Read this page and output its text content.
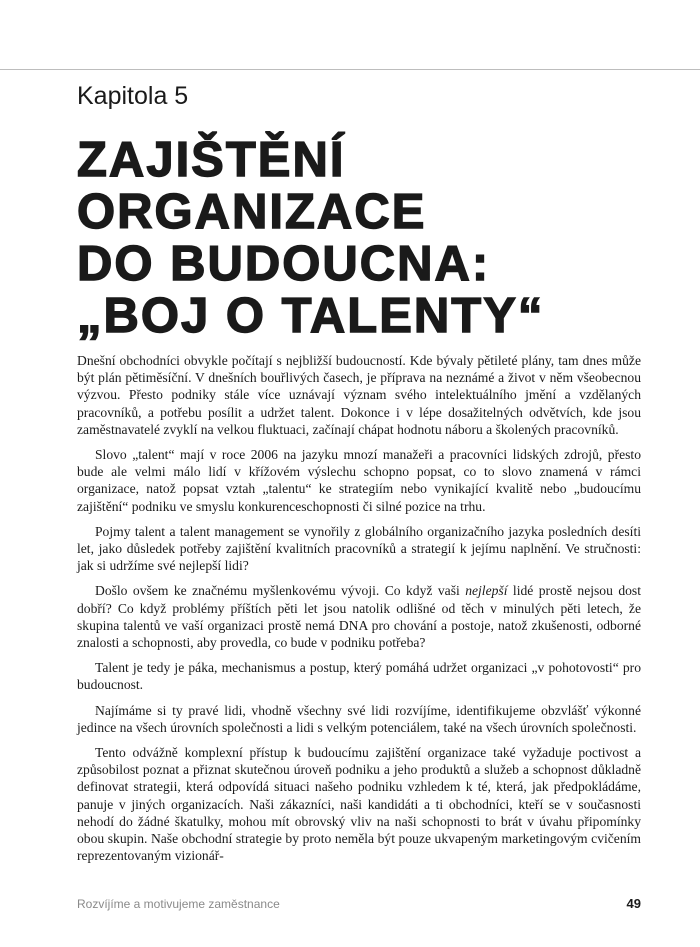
Kapitola 5
ZAJIŠTĚNÍ
ORGANIZACE
DO BUDOUCNA:
„BOJ O TALENTY“

Dnešní obchodníci obvykle počítají s nejbližší budoucností. Kde bývaly pětileté plány, tam dnes může být plán pětiměsíční. V dnešních bouřlivých časech, je příprava na neznámé a život v něm všeobecnou výzvou. Přesto podniky stále více uznávají význam svého intelektuálního jmění a vzdělaných pracovníků, a potřebu posílit a udržet talent. Dokonce i v lépe dosažitelných odvětvích, kde jsou zaměstnavatelé zvyklí na velkou fluktuaci, začínají chápat hodnotu náboru a školených pracovníků.

Slovo „talent“ mají v roce 2006 na jazyku mnozí manažeři a pracovníci lidských zdrojů, přesto bude ale velmi málo lidí v křížovém výslechu schopno popsat, co to slovo znamená v rámci organizace, natož popsat vztah „talentu“ ke strategiím nebo vynikající kvalitě nebo „budoucímu zajištění“ podniku ve smyslu konkurenceschopnosti či silné pozice na trhu.

Pojmy talent a talent management se vynořily z globálního organizačního jazyka posledních desíti let, jako důsledek potřeby zajištění kvalitních pracovníků a strategií k jejímu naplnění. Ve stručnosti: jak si udržíme své nejlepší lidi?

Došlo ovšem ke značnému myšlenkovému vývoji. Co když vaši nejlepší lidé prostě nejsou dost dobří? Co když problémy příštích pěti let jsou natolik odlišné od těch v minulých pěti letech, že skupina talentů ve vaší organizaci prostě nemá DNA pro chování a postoje, natož zkušenosti, odborné znalosti a schopnosti, aby provedla, co bude v podniku potřeba?

Talent je tedy je páka, mechanismus a postup, který pomáhá udržet organizaci „v pohotovosti“ pro budoucnost.

Najímáme si ty pravé lidi, vhodně všechny své lidi rozvíjíme, identifikujeme obzvlášť výkonné jedince na všech úrovních společnosti a lidi s velkým potenciálem, také na všech úrovních společnosti.

Tento odvážně komplexní přístup k budoucímu zajištění organizace také vyžaduje poctivost a způsobilost poznat a přiznat skutečnou úroveň podniku a jeho produktů a služeb a schopnost důkladně definovat strategii, která odpovídá situaci našeho podniku vzhledem k té, která, jak předpokládáme, panuje v jiných organizacích. Naši zákazníci, naši kandidáti a ti obchodníci, kteří se v současnosti nehodí do žádné škatulky, mohou mít obrovský vliv na naši schopnosti to brát v úvahu připomínky obou skupin. Naše obchodní strategie by proto neměla být pouze ukvapeným marketingovým cvičením reprezentovaným vizionář-

Rozvíjíme a motivujeme zaměstnance	49
